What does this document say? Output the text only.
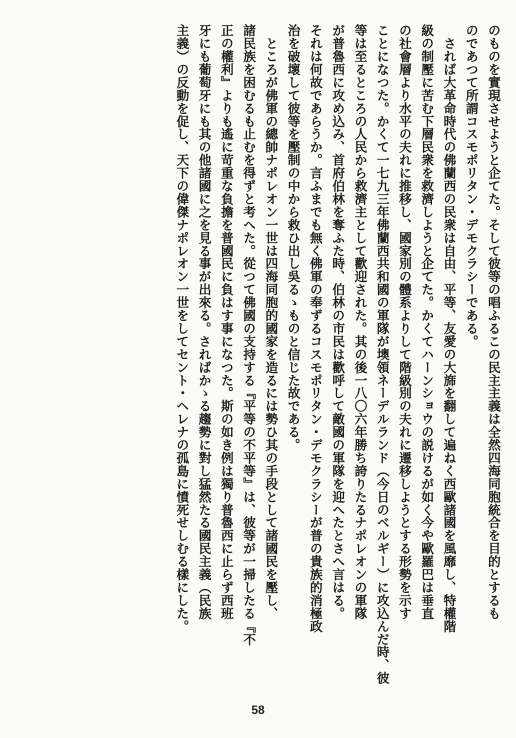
のものを實現させようと企てた。そして彼等の唱ふるこの民主主義は全然四海同胞統合を目的とするも
のであつて所謂コスモポリタン・デモクラシーである。
　されば大革命時代の佛蘭西の民衆は自由、平等、友愛の大旆を翻して遍ねく西歐諸國を風靡し、特權階
級の制壓に苦む下層民衆を救濟しようと企てた。かくてハーンショウの説けるが如く今や歐羅巴は垂直
の社會層より水平の夫れに推移し、國家別の體系よりして階級別の夫れに遷移しようとする形勢を示す
ことになつた。かくて一七九三年佛蘭西共和國の軍隊が墺領ネーデルランド（今日のベルギー）に攻込んだ時、彼
等は至るところの人民から救濟主として歡迎された。其の後一八〇六年勝ち誇りたるナポレオンの軍隊
が普魯西に攻め込み、首府伯林を奪ふた時、伯林の市民は歡呼して敵國の軍隊を迎へたとさへ言はる。
それは何故であらうか。言ふまでも無く佛軍の奉ずるコスモポリタン・デモクラシーが普の貴族的消極政
治を破壞して彼等を壓制の中から救ひ出し吳るゝものと信じた故である。
　ところが佛軍の總帥ナポレオン一世は四海同胞的國家を造るには勢ひ其の手段として諸國民を壓し、
諸民族を困むるも止むを得ずと考へた。從つて佛國の支持する『平等の不平等』は、彼等が一掃したる『不
正の權利』よりも遙に苛重な負擔を普國民に負はす事になつた。斯の如き例は獨り普魯西に止らず西班
牙にも葡萄牙にも其の他諸國に之を見る事が出來る。さればかゝる趨勢に對し猛然たる國民主義（民族
主義）の反動を促し、天下の偉傑ナポレオン一世をしてセント・ヘレナの孤島に憤死せしむる樣にした。
58
